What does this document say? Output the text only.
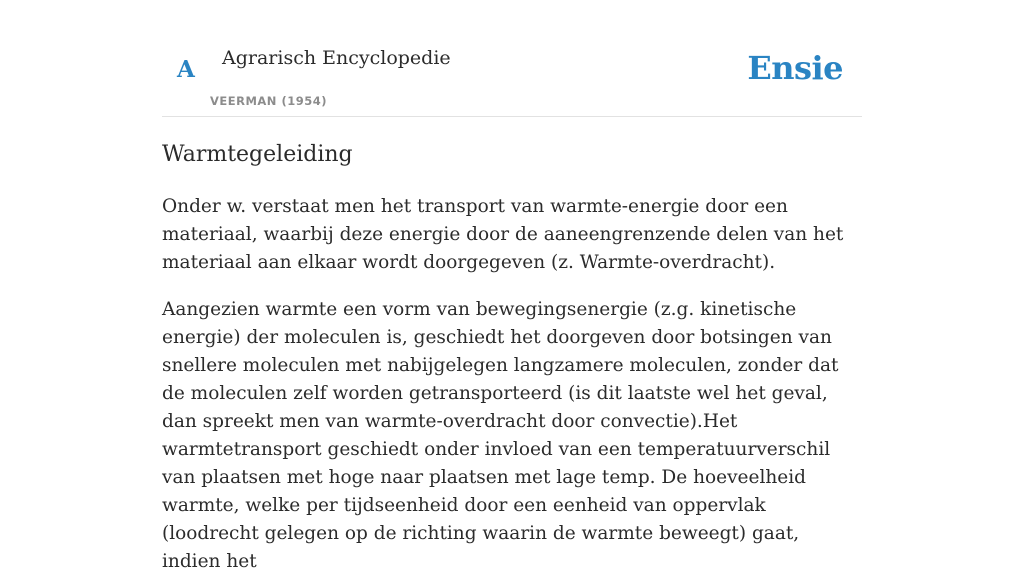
A Agrarisch Encyclopedie
VEERMAN (1954)
Ensie
Warmtegeleiding

Onder w. verstaat men het transport van warmte-energie door een materiaal, waarbij deze energie door de aaneengrenzende delen van het materiaal aan elkaar wordt doorgegeven (z. Warmte-overdracht).

Aangezien warmte een vorm van bewegingsenergie (z.g. kinetische energie) der moleculen is, geschiedt het doorgeven door botsingen van snellere moleculen met nabijgelegen langzamere moleculen, zonder dat de moleculen zelf worden getransporteerd (is dit laatste wel het geval, dan spreekt men van warmte-overdracht door convectie).Het warmtetransport geschiedt onder invloed van een temperatuurverschil van plaatsen met hoge naar plaatsen met lage temp. De hoeveelheid warmte, welke per tijdseenheid door een eenheid van oppervlak (loodrecht gelegen op de richting waarin de warmte beweegt) gaat, indien het
